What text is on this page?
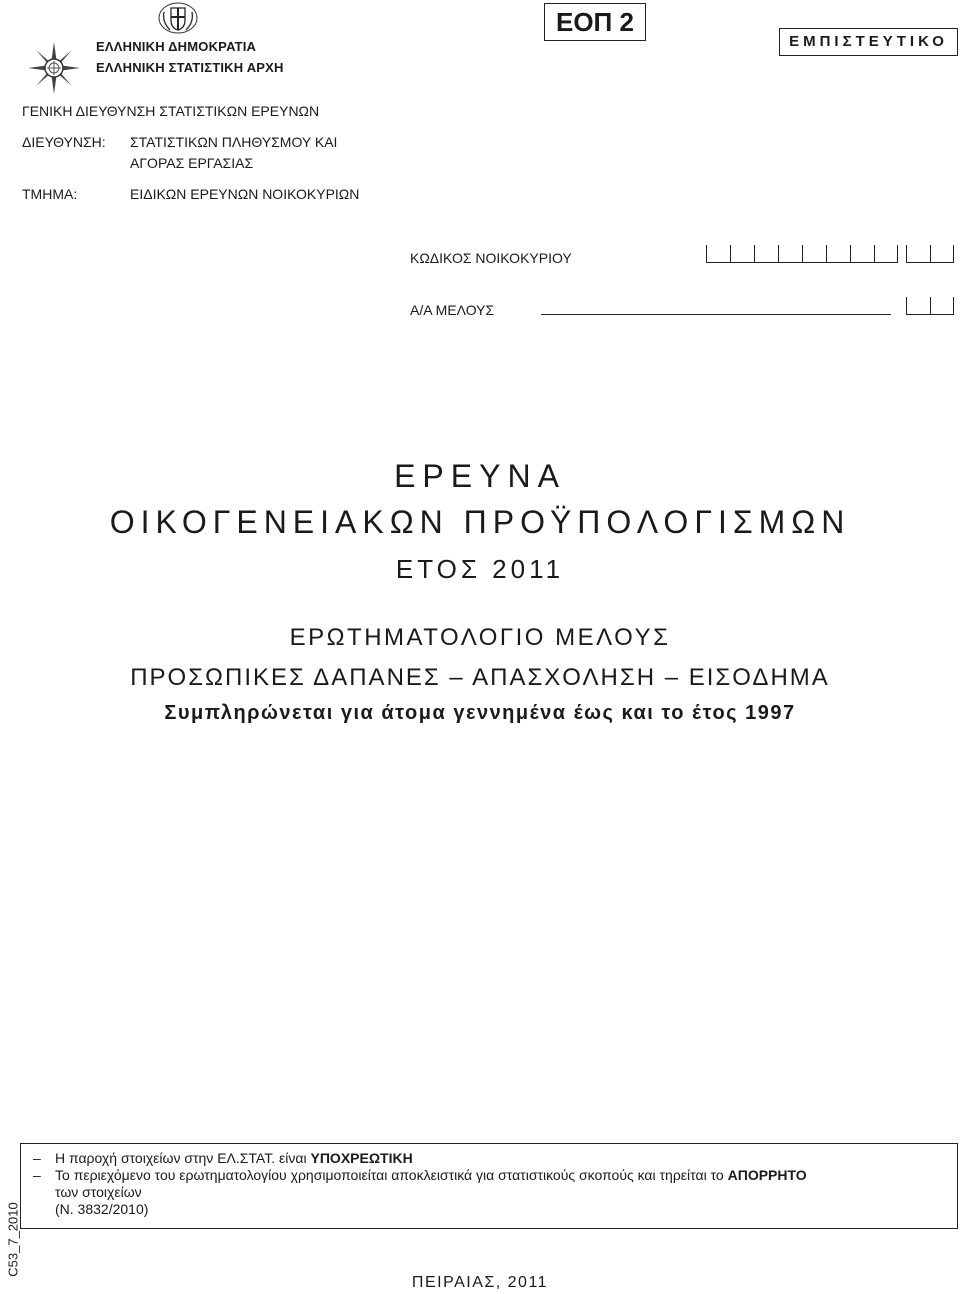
ΕΛΛΗΝΙΚΗ ΔΗΜΟΚΡΑΤΙΑ
ΕΛΛΗΝΙΚΗ ΣΤΑΤΙΣΤΙΚΗ ΑΡΧΗ
ΕΟΠ 2
ΕΜΠΙΣΤΕΥΤΙΚΟ
ΓΕΝΙΚΗ ΔΙΕΥΘΥΝΣΗ ΣΤΑΤΙΣΤΙΚΩΝ ΕΡΕΥΝΩΝ
ΔΙΕΥΘΥΝΣΗ: ΣΤΑΤΙΣΤΙΚΩΝ ΠΛΗΘΥΣΜΟΥ ΚΑΙ
ΑΓΟΡΑΣ ΕΡΓΑΣΙΑΣ
ΤΜΗΜΑ:	ΕΙΔΙΚΩΝ ΕΡΕΥΝΩΝ ΝΟΙΚΟΚΥΡΙΩΝ
ΚΩΔΙΚΟΣ ΝΟΙΚΟΚΥΡΙΟΥ
Α/Α ΜΕΛΟΥΣ
ΕΡΕΥΝΑ
ΟΙΚΟΓΕΝΕΙΑΚΩΝ ΠΡΟΫΠΟΛΟΓΙΣΜΩΝ
ΕΤΟΣ 2011
ΕΡΩΤΗΜΑΤΟΛΟΓΙΟ ΜΕΛΟΥΣ
ΠΡΟΣΩΠΙΚΕΣ ΔΑΠΑΝΕΣ – ΑΠΑΣΧΟΛΗΣΗ – ΕΙΣΟΔΗΜΑ
Συμπληρώνεται για άτομα γεννημένα έως και το έτος 1997
–	Η παροχή στοιχείων στην ΕΛ.ΣΤΑΤ. είναι ΥΠΟΧΡΕΩΤΙΚΗ
–	Το περιεχόμενο του ερωτηματολογίου χρησιμοποιείται αποκλειστικά για στατιστικούς σκοπούς και τηρείται το ΑΠΟΡΡΗΤΟ
των στοιχείων
(Ν. 3832/2010)
C53_7_2010
ΠΕΙΡΑΙΑΣ, 2011
